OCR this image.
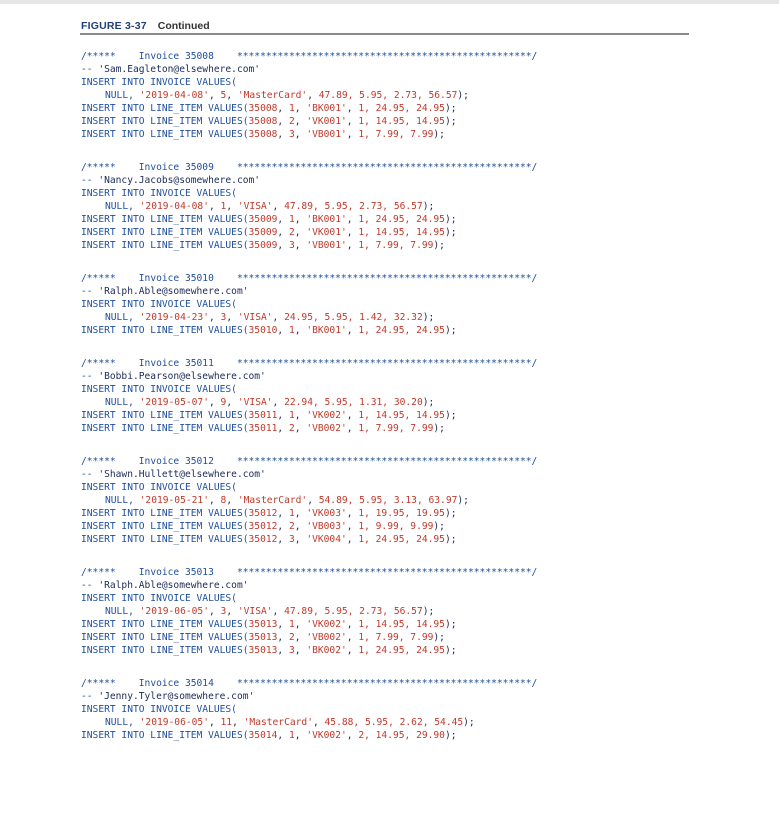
FIGURE 3-37 Continued
/*****    Invoice 35008 ***************************************************/
-- 'Sam.Eagleton@elsewhere.com'
INSERT INTO INVOICE VALUES(
NULL, '2019-04-08', 5, 'MasterCard', 47.89, 5.95, 2.73, 56.57);
INSERT INTO LINE_ITEM VALUES(35008, 1, 'BK001', 1, 24.95, 24.95);
INSERT INTO LINE_ITEM VALUES(35008, 2, 'VK001', 1, 14.95, 14.95);
INSERT INTO LINE_ITEM VALUES(35008, 3, 'VB001', 1, 7.99, 7.99);
/*****    Invoice 35009 ***************************************************/
-- 'Nancy.Jacobs@somewhere.com'
INSERT INTO INVOICE VALUES(
NULL, '2019-04-08', 1, 'VISA', 47.89, 5.95, 2.73, 56.57);
INSERT INTO LINE_ITEM VALUES(35009, 1, 'BK001', 1, 24.95, 24.95);
INSERT INTO LINE_ITEM VALUES(35009, 2, 'VK001', 1, 14.95, 14.95);
INSERT INTO LINE_ITEM VALUES(35009, 3, 'VB001', 1, 7.99, 7.99);
/*****    Invoice 35010 ***************************************************/
-- 'Ralph.Able@somewhere.com'
INSERT INTO INVOICE VALUES(
NULL, '2019-04-23', 3, 'VISA', 24.95, 5.95, 1.42, 32.32);
INSERT INTO LINE_ITEM VALUES(35010, 1, 'BK001', 1, 24.95, 24.95);
/*****    Invoice 35011 ***************************************************/
-- 'Bobbi.Pearson@elsewhere.com'
INSERT INTO INVOICE VALUES(
NULL, '2019-05-07', 9, 'VISA', 22.94, 5.95, 1.31, 30.20);
INSERT INTO LINE_ITEM VALUES(35011, 1, 'VK002', 1, 14.95, 14.95);
INSERT INTO LINE_ITEM VALUES(35011, 2, 'VB002', 1, 7.99, 7.99);
/*****    Invoice 35012 ***************************************************/
-- 'Shawn.Hullett@elsewhere.com'
INSERT INTO INVOICE VALUES(
NULL, '2019-05-21', 8, 'MasterCard', 54.89, 5.95, 3.13, 63.97);
INSERT INTO LINE_ITEM VALUES(35012, 1, 'VK003', 1, 19.95, 19.95);
INSERT INTO LINE_ITEM VALUES(35012, 2, 'VB003', 1, 9.99, 9.99);
INSERT INTO LINE_ITEM VALUES(35012, 3, 'VK004', 1, 24.95, 24.95);
/*****    Invoice 35013 ***************************************************/
-- 'Ralph.Able@somewhere.com'
INSERT INTO INVOICE VALUES(
NULL, '2019-06-05', 3, 'VISA', 47.89, 5.95, 2.73, 56.57);
INSERT INTO LINE_ITEM VALUES(35013, 1, 'VK002', 1, 14.95, 14.95);
INSERT INTO LINE_ITEM VALUES(35013, 2, 'VB002', 1, 7.99, 7.99);
INSERT INTO LINE_ITEM VALUES(35013, 3, 'BK002', 1, 24.95, 24.95);
/*****    Invoice 35014 ***************************************************/
-- 'Jenny.Tyler@somewhere.com'
INSERT INTO INVOICE VALUES(
NULL, '2019-06-05', 11, 'MasterCard', 45.88, 5.95, 2.62, 54.45);
INSERT INTO LINE_ITEM VALUES(35014, 1, 'VK002', 2, 14.95, 29.90);
